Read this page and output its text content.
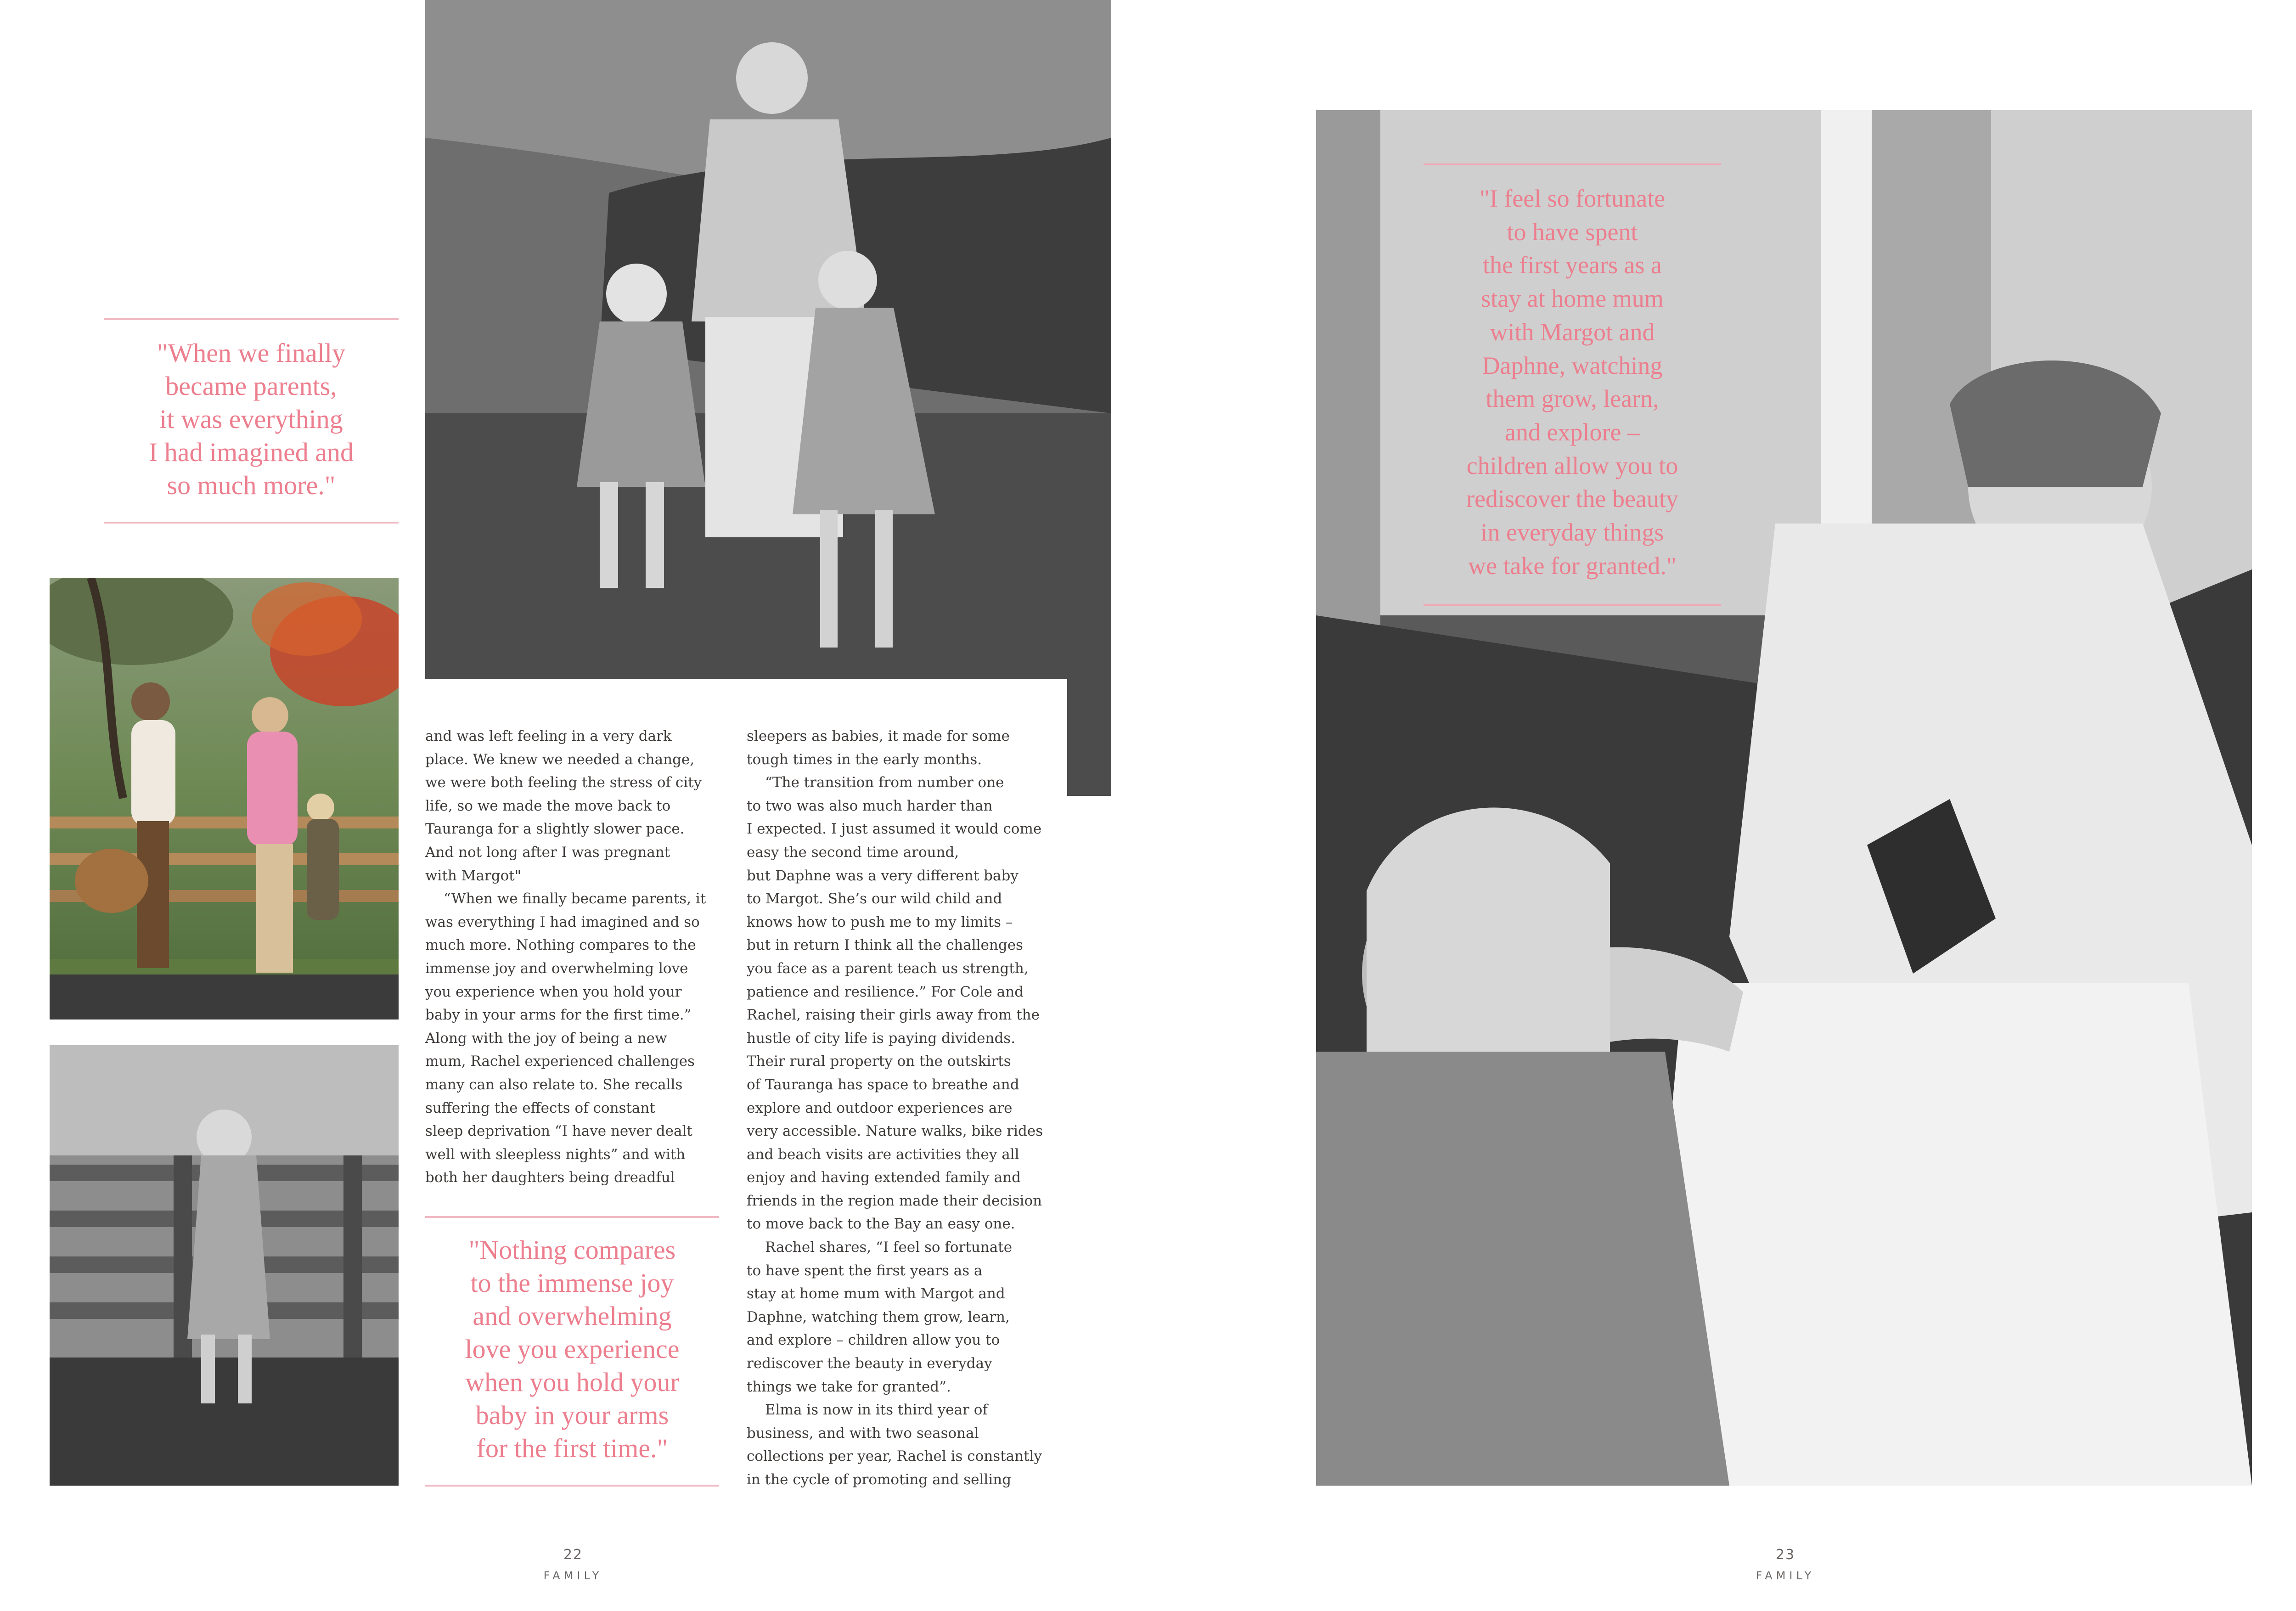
"When we finally
became parents,
it was everything
I had imagined and
so much more."
and was left feeling in a very dark
place. We knew we needed a change,
we were both feeling the stress of city
life, so we made the move back to
Tauranga for a slightly slower pace.
And not long after I was pregnant
with Margot"
“When we finally became parents, it
was everything I had imagined and so
much more. Nothing compares to the
immense joy and overwhelming love
you experience when you hold your
baby in your arms for the first time.”
Along with the joy of being a new
mum, Rachel experienced challenges
many can also relate to. She recalls
suffering the effects of constant
sleep deprivation “I have never dealt
well with sleepless nights” and with
both her daughters being dreadful
sleepers as babies, it made for some
tough times in the early months.
“The transition from number one
to two was also much harder than
I expected. I just assumed it would come
easy the second time around,
but Daphne was a very different baby
to Margot. She’s our wild child and
knows how to push me to my limits –
but in return I think all the challenges
you face as a parent teach us strength,
patience and resilience.” For Cole and
Rachel, raising their girls away from the
hustle of city life is paying dividends.
Their rural property on the outskirts
of Tauranga has space to breathe and
explore and outdoor experiences are
very accessible. Nature walks, bike rides
and beach visits are activities they all
enjoy and having extended family and
friends in the region made their decision
to move back to the Bay an easy one.
Rachel shares, “I feel so fortunate
to have spent the first years as a
stay at home mum with Margot and
Daphne, watching them grow, learn,
and explore – children allow you to
rediscover the beauty in everyday
things we take for granted”.
Elma is now in its third year of
business, and with two seasonal
collections per year, Rachel is constantly
in the cycle of promoting and selling
"Nothing compares
to the immense joy
and overwhelming
love you experience
when you hold your
baby in your arms
for the first time."
22
FAMILY
"I feel so fortunate
to have spent
the first years as a
stay at home mum
with Margot and
Daphne, watching
them grow, learn,
and explore –
children allow you to
rediscover the beauty
in everyday things
we take for granted."
23
FAMILY
